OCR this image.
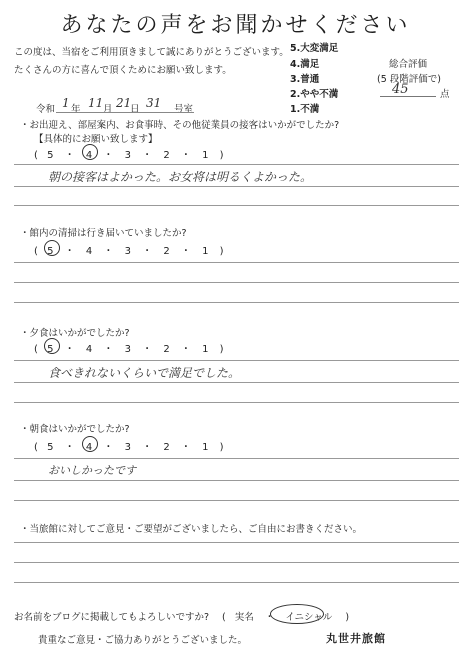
あなたの声をお聞かせください
この度は、当宿をご利用頂きまして誠にありがとうございます。
たくさんの方に喜んで頂くためにお願い致します。
5.大変満足
4.満足
3.普通
2.やや不満
1.不満
総合評価
(5 段階評価で)
45	点
令和 1 年 11 月 21
日 31 号室
・お出迎え、部屋案内、お食事時、その他従業員の接客はいかがでしたか?
【具体的にお願い致します】
( 5 ・ 4 ・ 3 ・ 2 ・ 1 )
朝の接客はよかった。お女将は明るくよかった。
・館内の清掃は行き届いていましたか?
( 5 ・ 4 ・ 3 ・ 2 ・ 1 )
・夕食はいかがでしたか?
( 5 ・ 4 ・ 3 ・ 2 ・ 1 )
食べきれないくらいで満足でした。
・朝食はいかがでしたか?
( 5 ・ 4 ・ 3 ・ 2 ・ 1 )
おいしかったです
・当旅館に対してご意見・ご要望がございましたら、ご自由にお書きください。
お名前をブログに掲載してもよろしいですか? ( 実名 ・ イニシャル )
貴重なご意見・ご協力ありがとうございました。	丸世井旅館
